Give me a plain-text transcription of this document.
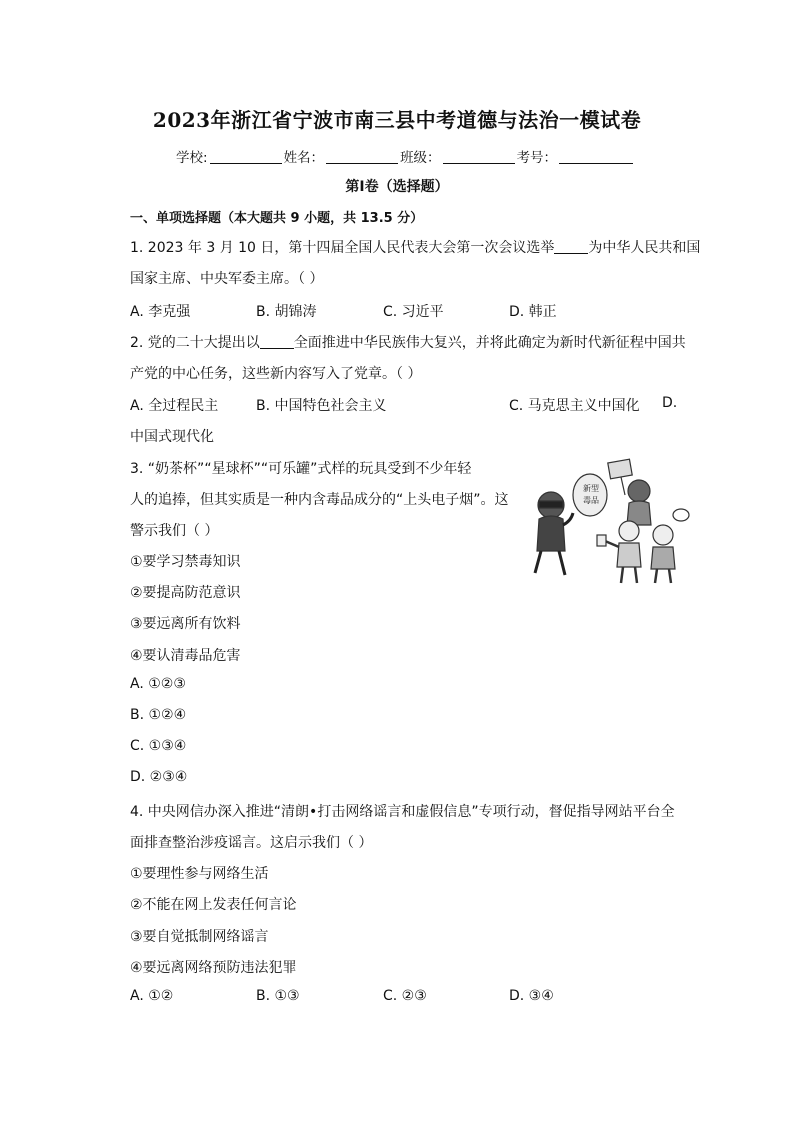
2023年浙江省宁波市南三县中考道德与法治一模试卷
学校:	姓名：	班级：	考号：
第Ⅰ卷（选择题）
一、单项选择题（本大题共 9 小题，共 13.5 分）
1. 2023 年 3 月 10 日，第十四届全国人民代表大会第一次会议选举 为中华人民共和国
国家主席、中央军委主席。（ ）
A. 李克强	B. 胡锦涛	C. 习近平	D. 韩正
2. 党的二十大提出以 全面推进中华民族伟大复兴，并将此确定为新时代新征程中国共
产党的中心任务，这些新内容写入了党章。（ ）
A. 全过程民主	B. 中国特色社会主义	C. 马克思主义中国化 D.
中国式现代化
3. “奶茶杯”“星球杯”“可乐罐”式样的玩具受到不少年轻
人的追捧，但其实质是一种内含毒品成分的“上头电子烟”。这
警示我们（ ）
①要学习禁毒知识
②要提高防范意识
③要远离所有饮料
④要认清毒品危害
A. ①②③
B. ①②④
C. ①③④
D. ②③④
新型
毒品
4. 中央网信办深入推进“清朗•打击网络谣言和虚假信息”专项行动，督促指导网站平台全
面排查整治涉疫谣言。这启示我们（ ）
①要理性参与网络生活
②不能在网上发表任何言论
③要自觉抵制网络谣言
④要远离网络预防违法犯罪
A. ①②	B. ①③	C. ②③	D. ③④
